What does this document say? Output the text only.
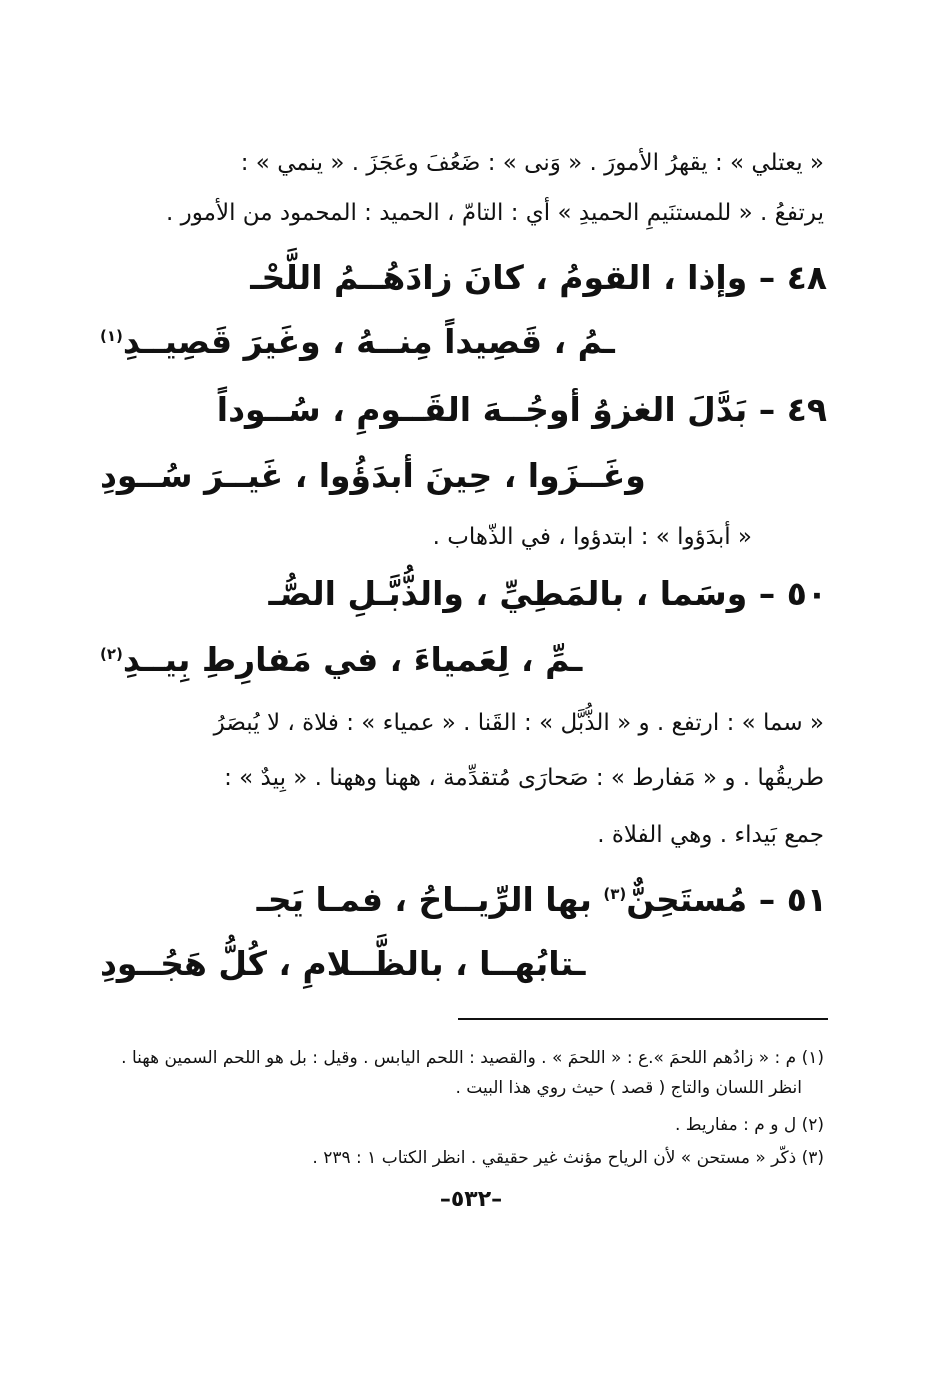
« يعتلي » : يقهرُ الأمورَ . « وَنى » : ضَعُفَ وعَجَزَ . « ينمي » :
يرتفعُ . « للمستنَيمِ الحميدِ » أي : التامّ ، الحميد : المحمود من الأمور .
٤٨ – وإذا ، القومُ ، كانَ زادَهُــمُ اللَّحْـ
ـمُ ، قَصِيداً مِنــهُ ، وغَيرَ قَصِيــدِ$^{(١)}$
٤٩ – بَدَّلَ الغزوُ أوجُــهَ القَــومِ ، سُــوداً
وغَــزَوا ، حِينَ أبدَؤُوا ، غَيــرَ سُــودِ
« أبدَؤوا » : ابتدؤوا ، في الذّهاب .
٥٠ – وسَما ، بالمَطِيِّ ، والذُّبَّـلِ الصُّـ
ـمِّ ، لِعَمياءَ ، في مَفارِطِ بِيــدِ$^{(٢)}$
« سما » : ارتفع . و « الذُّبَّل » : القَنا . « عمياء » : فلاة ، لا يُبصَرُ
طريقُها . و « مَفارط » : صَحارَى مُتقدِّمة ، ههنا وههنا . « بِيدٌ » :
جمع بَيداء . وهي الفلاة .
٥١ – مُستَحِنٌّ$^{(٣)}$ بها الرِّيــاحُ ، فمـا يَجـ
ـتابُهــا ، بالظَّــلامِ ، كُلُّ هَجُــودِ
(١) م : « زادُهم اللحمَ ».ع : « اللحمَ » . والقصيد : اللحم اليابس . وقيل : بل هو اللحم السمين ههنا .
انظر اللسان والتاج ( قصد ) حيث روي هذا البيت .
(٢) ل و م : مفاريط .
(٣) ذكّر « مستحن » لأن الرياح مؤنث غير حقيقي . انظر الكتاب ١ : ٢٣٩ .
–٥٣٢–
